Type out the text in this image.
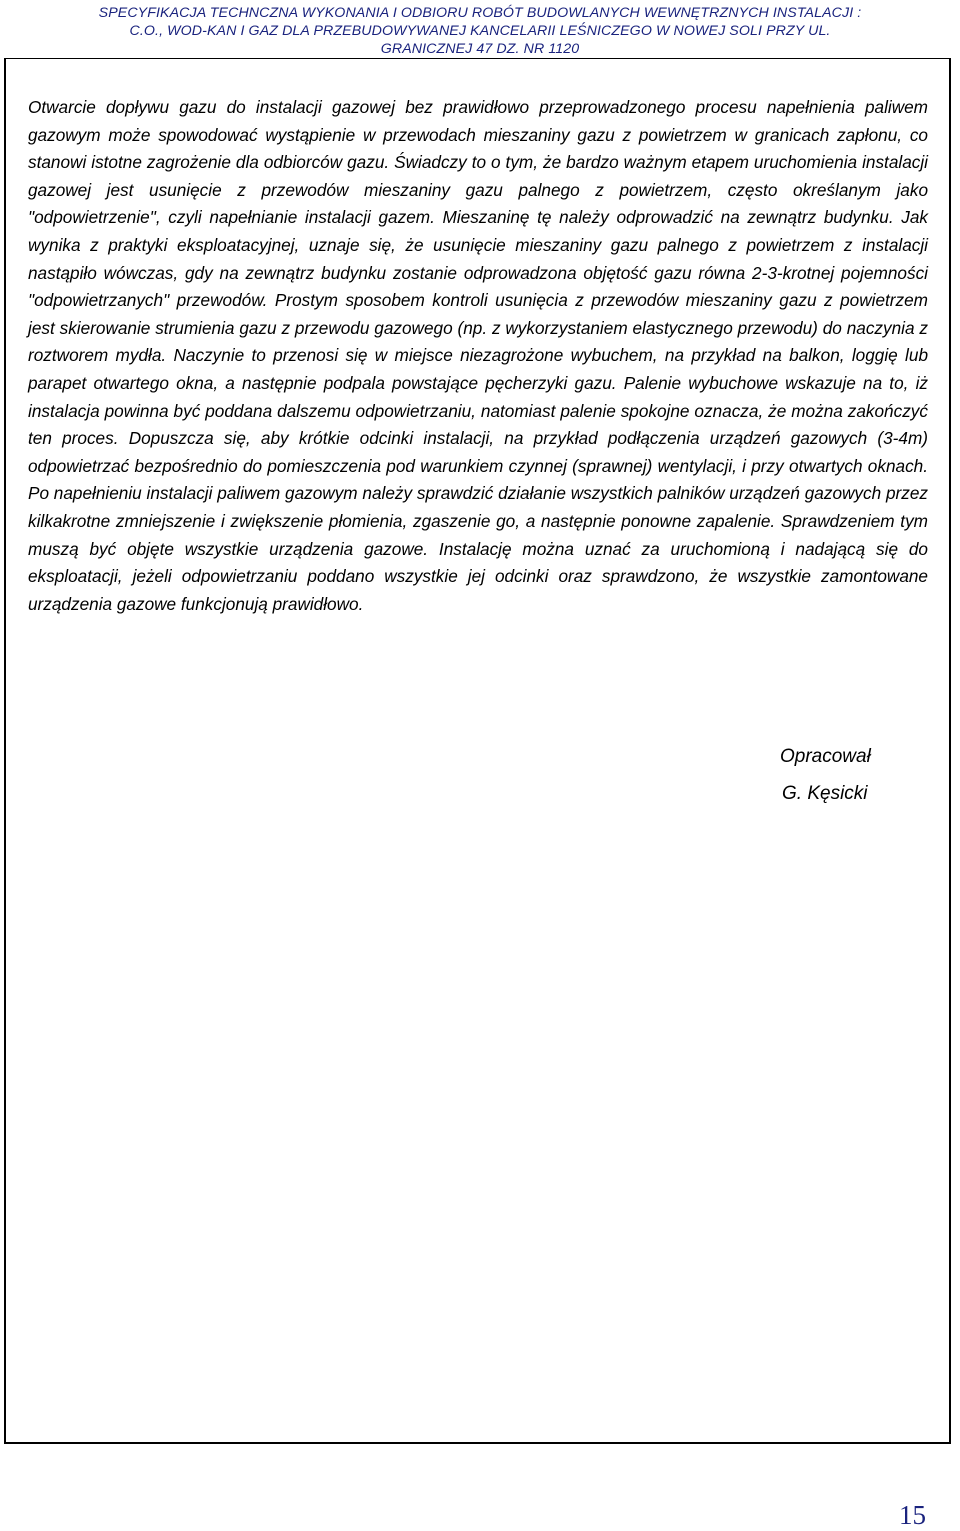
SPECYFIKACJA TECHNCZNA WYKONANIA I ODBIORU ROBÓT BUDOWLANYCH WEWNĘTRZNYCH INSTALACJI :
C.O., WOD-KAN I GAZ DLA PRZEBUDOWYWANEJ KANCELARII LEŚNICZEGO W NOWEJ SOLI PRZY UL.
GRANICZNEJ 47 DZ. NR 1120

Otwarcie dopływu gazu do instalacji gazowej bez prawidłowo przeprowadzonego procesu napełnienia paliwem gazowym może spowodować wystąpienie w przewodach mieszaniny gazu z powietrzem w granicach zapłonu, co stanowi istotne zagrożenie dla odbiorców gazu. Świadczy to o tym, że bardzo ważnym etapem uruchomienia instalacji gazowej jest usunięcie z przewodów mieszaniny gazu palnego z powietrzem, często określanym jako "odpowietrzenie", czyli napełnianie instalacji gazem. Mieszaninę tę należy odprowadzić na zewnątrz budynku. Jak wynika z praktyki eksploatacyjnej, uznaje się, że usunięcie mieszaniny gazu palnego z powietrzem z instalacji nastąpiło wówczas, gdy na zewnątrz budynku zostanie odprowadzona objętość gazu równa 2-3-krotnej pojemności "odpowietrzanych" przewodów. Prostym sposobem kontroli usunięcia z przewodów mieszaniny gazu z powietrzem jest skierowanie strumienia gazu z przewodu gazowego (np. z wykorzystaniem elastycznego przewodu) do naczynia z roztworem mydła. Naczynie to przenosi się w miejsce niezagrożone wybuchem, na przykład na balkon, loggię lub parapet otwartego okna, a następnie podpala powstające pęcherzyki gazu. Palenie wybuchowe wskazuje na to, iż instalacja powinna być poddana dalszemu odpowietrzaniu, natomiast palenie spokojne oznacza, że można zakończyć ten proces. Dopuszcza się, aby krótkie odcinki instalacji, na przykład podłączenia urządzeń gazowych (3-4m) odpowietrzać bezpośrednio do pomieszczenia pod warunkiem czynnej (sprawnej) wentylacji, i przy otwartych oknach. Po napełnieniu instalacji paliwem gazowym należy sprawdzić działanie wszystkich palników urządzeń gazowych przez kilkakrotne zmniejszenie i zwiększenie płomienia, zgaszenie go, a następnie ponowne zapalenie. Sprawdzeniem tym muszą być objęte wszystkie urządzenia gazowe. Instalację można uznać za uruchomioną i nadającą się do eksploatacji, jeżeli odpowietrzaniu poddano wszystkie jej odcinki oraz sprawdzono, że wszystkie zamontowane urządzenia gazowe funkcjonują prawidłowo.

Opracował
G. Kęsicki
15
